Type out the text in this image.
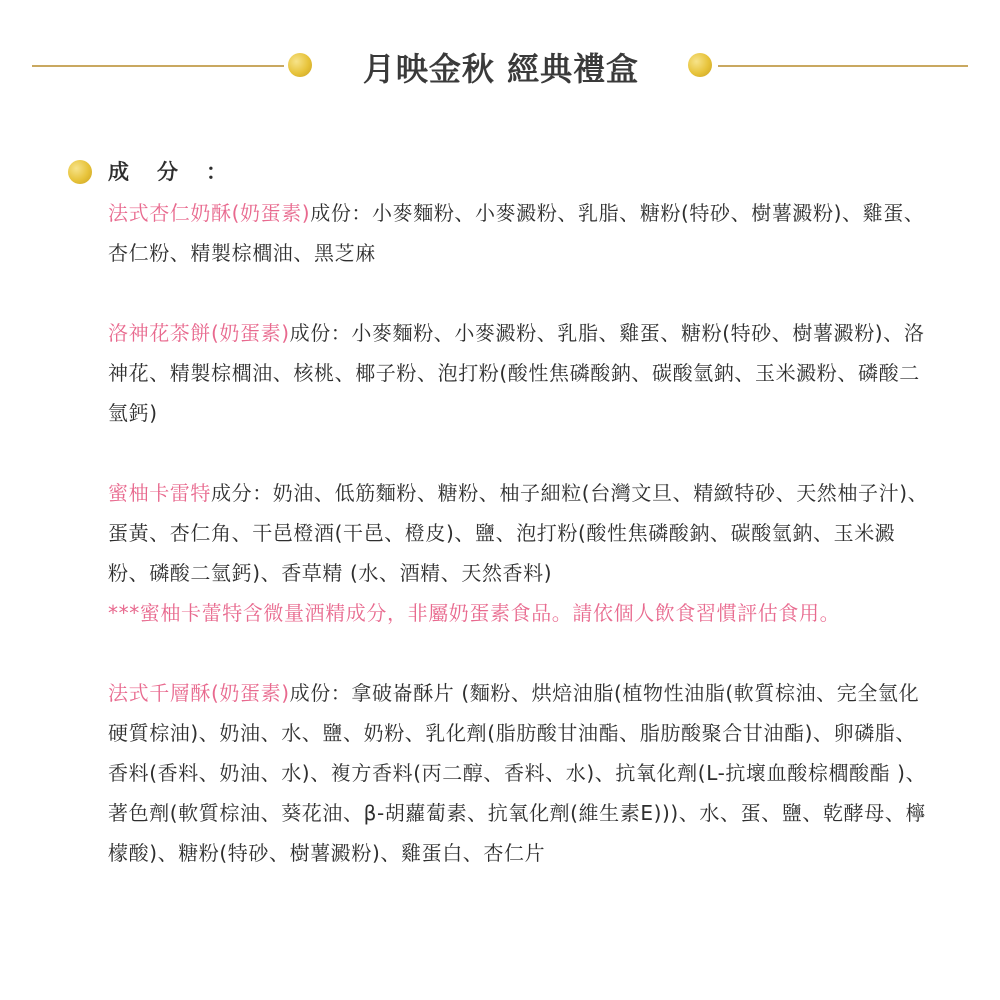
月映金秋 經典禮盒
成分：

法式杏仁奶酥(奶蛋素)成份：小麥麵粉、小麥澱粉、乳脂、糖粉(特砂、樹薯澱粉)、雞蛋、杏仁粉、精製棕櫚油、黑芝麻

洛神花茶餅(奶蛋素)成份：小麥麵粉、小麥澱粉、乳脂、雞蛋、糖粉(特砂、樹薯澱粉)、洛神花、精製棕櫚油、核桃、椰子粉、泡打粉(酸性焦磷酸鈉、碳酸氫鈉、玉米澱粉、磷酸二氫鈣)

蜜柚卡雷特成分：奶油、低筋麵粉、糖粉、柚子細粒(台灣文旦、精緻特砂、天然柚子汁)、蛋黃、杏仁角、干邑橙酒(干邑、橙皮)、鹽、泡打粉(酸性焦磷酸鈉、碳酸氫鈉、玉米澱粉、磷酸二氫鈣)、香草精 (水、酒精、天然香料)

***蜜柚卡蕾特含微量酒精成分，非屬奶蛋素食品。請依個人飲食習慣評估食用。

法式千層酥(奶蛋素)成份：拿破崙酥片 (麵粉、烘焙油脂(植物性油脂(軟質棕油、完全氫化硬質棕油)、奶油、水、鹽、奶粉、乳化劑(脂肪酸甘油酯、脂肪酸聚合甘油酯)、卵磷脂、香料(香料、奶油、水)、複方香料(丙二醇、香料、水)、抗氧化劑(L-抗壞血酸棕櫚酸酯 )、著色劑(軟質棕油、葵花油、β-胡蘿蔔素、抗氧化劑(維生素E)))、水、蛋、鹽、乾酵母、檸檬酸)、糖粉(特砂、樹薯澱粉)、雞蛋白、杏仁片
